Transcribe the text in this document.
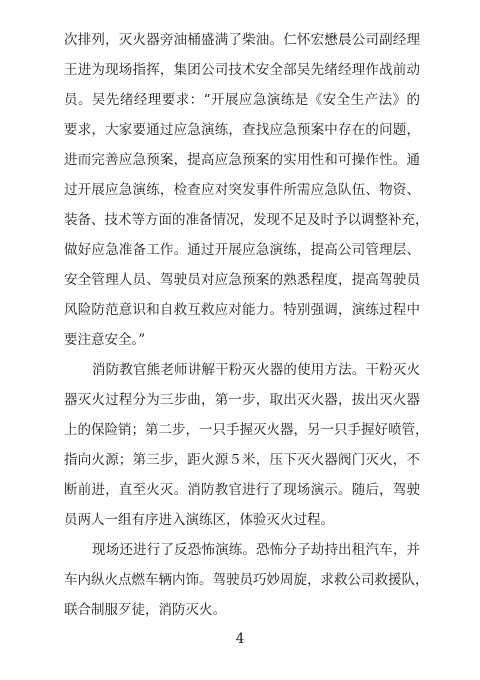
次排列，灭火器旁油桶盛满了柴油。仁怀宏懋晨公司副经理
王进为现场指挥，集团公司技术安全部吴先绪经理作战前动
员。吴先绪经理要求：“开展应急演练是《安全生产法》的
要求，大家要通过应急演练，查找应急预案中存在的问题，
进而完善应急预案，提高应急预案的实用性和可操作性。通
过开展应急演练，检查应对突发事件所需应急队伍、物资、
装备、技术等方面的准备情况，发现不足及时予以调整补充，
做好应急准备工作。通过开展应急演练，提高公司管理层、
安全管理人员、驾驶员对应急预案的熟悉程度，提高驾驶员
风险防范意识和自救互救应对能力。特别强调，演练过程中
要注意安全。”
消防教官熊老师讲解干粉灭火器的使用方法。干粉灭火
器灭火过程分为三步曲，第一步，取出灭火器，拔出灭火器
上的保险销；第二步，一只手握灭火器，另一只手握好喷管，
指向火源；第三步，距火源５米，压下灭火器阀门灭火，不
断前进，直至火灭。消防教官进行了现场演示。随后，驾驶
员两人一组有序进入演练区，体验灭火过程。
现场还进行了反恐怖演练。恐怖分子劫持出租汽车，并
车内纵火点燃车辆内饰。驾驶员巧妙周旋，求救公司救援队，
联合制服歹徒，消防灭火。
4
